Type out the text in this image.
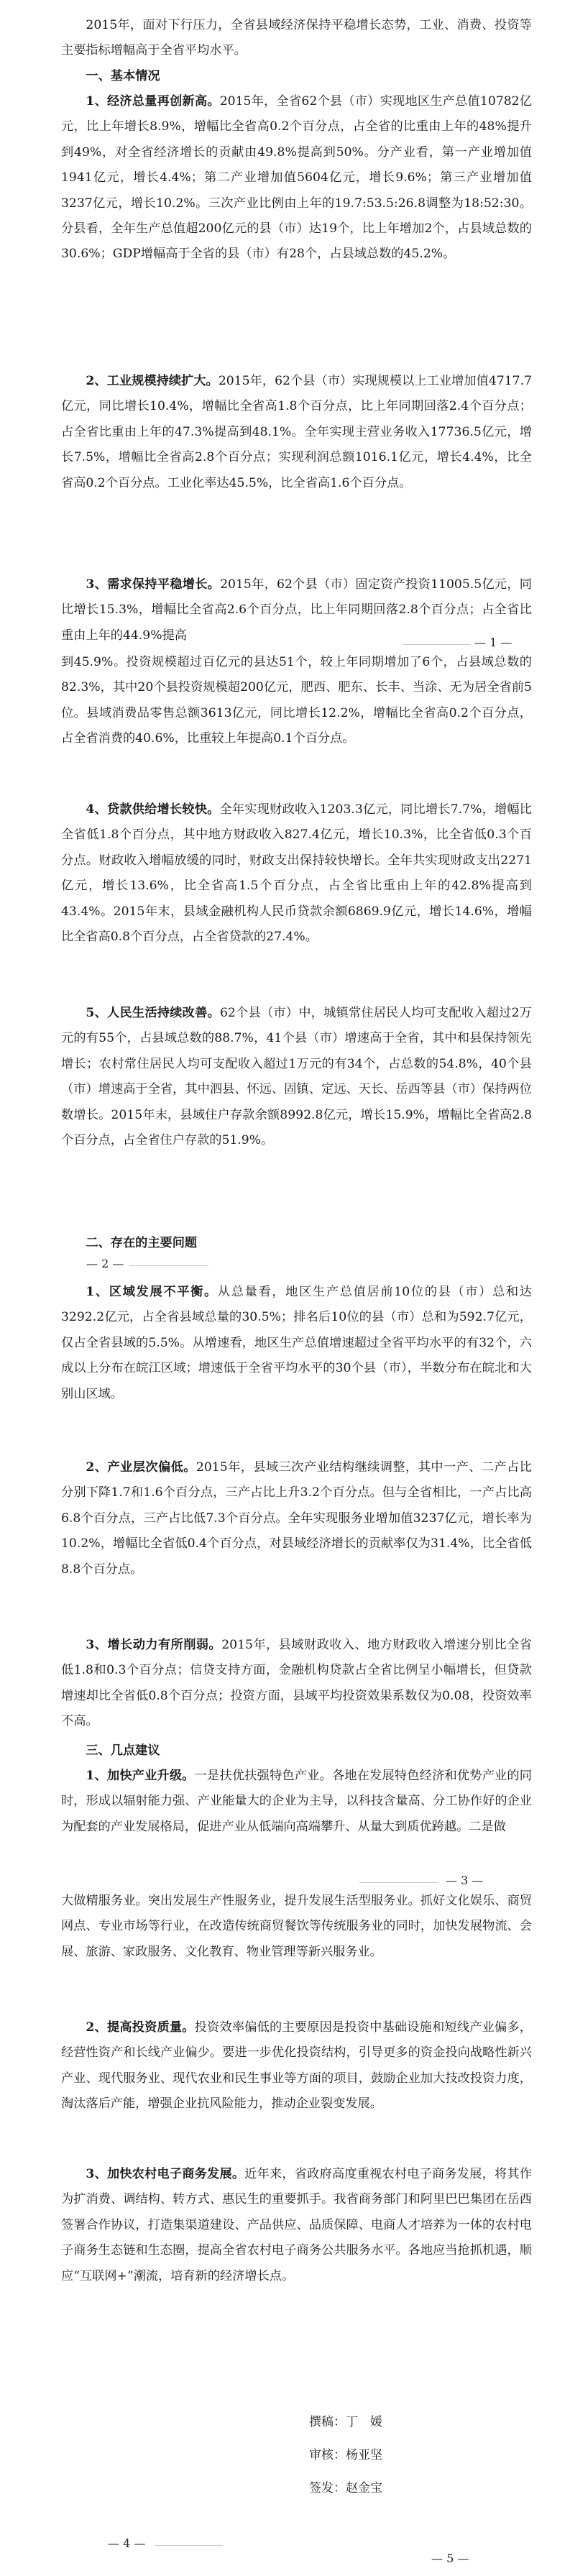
2015年，面对下行压力，全省县域经济保持平稳增长态势，工业、消费、投资等主要指标增幅高于全省平均水平。

一、基本情况

1、经济总量再创新高。2015年，全省62个县（市）实现地区生产总值10782亿元，比上年增长8.9%，增幅比全省高0.2个百分点，占全省的比重由上年的48%提升到49%，对全省经济增长的贡献由49.8%提高到50%。分产业看，第一产业增加值1941亿元，增长4.4%；第二产业增加值5604亿元，增长9.6%；第三产业增加值3237亿元，增长10.2%。三次产业比例由上年的19.7:53.5:26.8调整为18:52:30。分县看，全年生产总值超200亿元的县（市）达19个，比上年增加2个，占县域总数的30.6%；GDP增幅高于全省的县（市）有28个，占县域总数的45.2%。

2、工业规模持续扩大。2015年，62个县（市）实现规模以上工业增加值4717.7亿元，同比增长10.4%，增幅比全省高1.8个百分点，比上年同期回落2.4个百分点；占全省比重由上年的47.3%提高到48.1%。全年实现主营业务收入17736.5亿元，增长7.5%，增幅比全省高2.8个百分点；实现利润总额1016.1亿元，增长4.4%，比全省高0.2个百分点。工业化率达45.5%，比全省高1.6个百分点。

3、需求保持平稳增长。2015年，62个县（市）固定资产投资11005.5亿元，同比增长15.3%，增幅比全省高2.6个百分点，比上年同期回落2.8个百分点；占全省比重由上年的44.9%提高	— 1 —

到45.9%。投资规模超过百亿元的县达51个，较上年同期增加了6个，占县域总数的82.3%，其中20个县投资规模超200亿元，肥西、肥东、长丰、当涂、无为居全省前5位。县域消费品零售总额3613亿元，同比增长12.2%，增幅比全省高0.2个百分点，占全省消费的40.6%，比重较上年提高0.1个百分点。

4、贷款供给增长较快。全年实现财政收入1203.3亿元，同比增长7.7%，增幅比全省低1.8个百分点，其中地方财政收入827.4亿元，增长10.3%，比全省低0.3个百分点。财政收入增幅放缓的同时，财政支出保持较快增长。全年共实现财政支出2271亿元，增长13.6%，比全省高1.5个百分点，占全省比重由上年的42.8%提高到43.4%。2015年末，县域金融机构人民币贷款余额6869.9亿元，增长14.6%，增幅比全省高0.8个百分点，占全省贷款的27.4%。

5、人民生活持续改善。62个县（市）中，城镇常住居民人均可支配收入超过2万元的有55个，占县域总数的88.7%，41个县（市）增速高于全省，其中和县保持领先增长；农村常住居民人均可支配收入超过1万元的有34个，占总数的54.8%，40个县（市）增速高于全省，其中泗县、怀远、固镇、定远、天长、岳西等县（市）保持两位数增长。2015年末，县域住户存款余额8992.8亿元，增长15.9%，增幅比全省高2.8个百分点，占全省住户存款的51.9%。

二、存在的主要问题

— 2 —

1、区域发展不平衡。从总量看，地区生产总值居前10位的县（市）总和达3292.2亿元，占全省县域总量的30.5%；排名后10位的县（市）总和为592.7亿元，仅占全省县域的5.5%。从增速看，地区生产总值增速超过全省平均水平的有32个，六成以上分布在皖江区域；增速低于全省平均水平的30个县（市），半数分布在皖北和大别山区域。

2、产业层次偏低。2015年，县域三次产业结构继续调整，其中一产、二产占比分别下降1.7和1.6个百分点，三产占比上升3.2个百分点。但与全省相比，一产占比高6.8个百分点，三产占比低7.3个百分点。全年实现服务业增加值3237亿元，增长率为10.2%，增幅比全省低0.4个百分点，对县域经济增长的贡献率仅为31.4%，比全省低8.8个百分点。

3、增长动力有所削弱。2015年，县域财政收入、地方财政收入增速分别比全省低1.8和0.3个百分点；信贷支持方面，金融机构贷款占全省比例呈小幅增长，但贷款增速却比全省低0.8个百分点；投资方面，县域平均投资效果系数仅为0.08，投资效率不高。

三、几点建议

1、加快产业升级。一是扶优扶强特色产业。各地在发展特色经济和优势产业的同时，形成以辐射能力强、产业能量大的企业为主导，以科技含量高、分工协作好的企业为配套的产业发展格局，促进产业从低端向高端攀升、从量大到质优跨越。二是做

— 3 —

大做精服务业。突出发展生产性服务业，提升发展生活型服务业。抓好文化娱乐、商贸网点、专业市场等行业，在改造传统商贸餐饮等传统服务业的同时，加快发展物流、会展、旅游、家政服务、文化教育、物业管理等新兴服务业。

2、提高投资质量。投资效率偏低的主要原因是投资中基础设施和短线产业偏多，经营性资产和长线产业偏少。要进一步优化投资结构，引导更多的资金投向战略性新兴产业、现代服务业、现代农业和民生事业等方面的项目，鼓励企业加大技改投资力度，淘汰落后产能，增强企业抗风险能力，推动企业裂变发展。

3、加快农村电子商务发展。近年来，省政府高度重视农村电子商务发展，将其作为扩消费、调结构、转方式、惠民生的重要抓手。我省商务部门和阿里巴巴集团在岳西签署合作协议，打造集渠道建设、产品供应、品质保障、电商人才培养为一体的农村电子商务生态链和生态圈，提高全省农村电子商务公共服务水平。各地应当抢抓机遇，顺应“互联网+”潮流，培育新的经济增长点。

撰稿：丁　媛
审核：杨亚坚
签发：赵金宝
— 4 —
— 5 —
